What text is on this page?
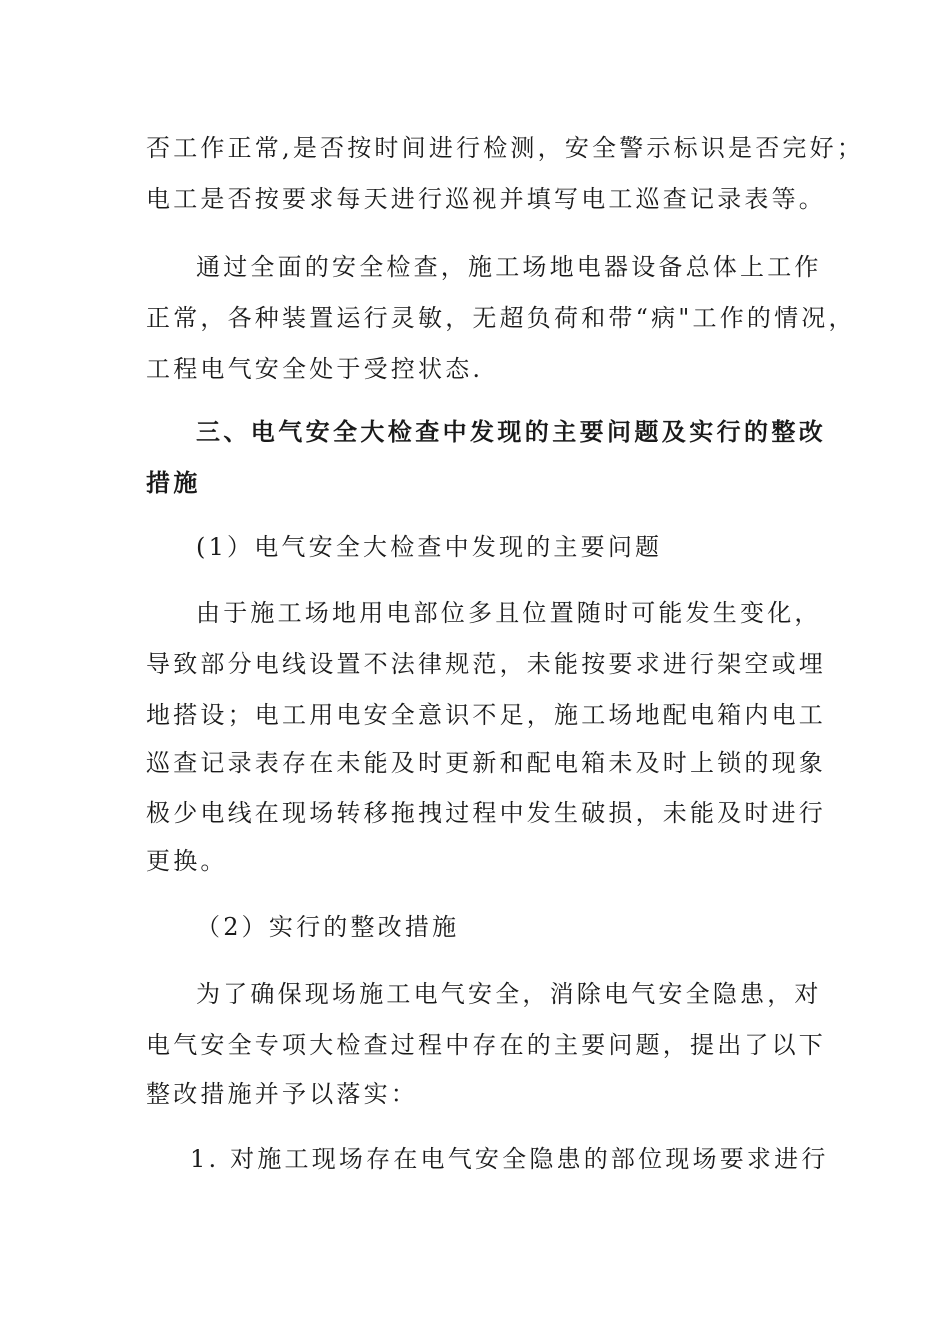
否工作正常,是否按时间进行检测，安全警示标识是否完好；
电工是否按要求每天进行巡视并填写电工巡查记录表等。
通过全面的安全检查，施工场地电器设备总体上工作
正常，各种装置运行灵敏，无超负荷和带“病"工作的情况，
工程电气安全处于受控状态.
三、电气安全大检查中发现的主要问题及实行的整改
措施
(1）电气安全大检查中发现的主要问题
由于施工场地用电部位多且位置随时可能发生变化，
导致部分电线设置不法律规范，未能按要求进行架空或埋
地搭设；电工用电安全意识不足，施工场地配电箱内电工
巡查记录表存在未能及时更新和配电箱未及时上锁的现象
极少电线在现场转移拖拽过程中发生破损，未能及时进行
更换。
（2）实行的整改措施
为了确保现场施工电气安全，消除电气安全隐患，对
电气安全专项大检查过程中存在的主要问题，提出了以下
整改措施并予以落实：
1. 对施工现场存在电气安全隐患的部位现场要求进行
